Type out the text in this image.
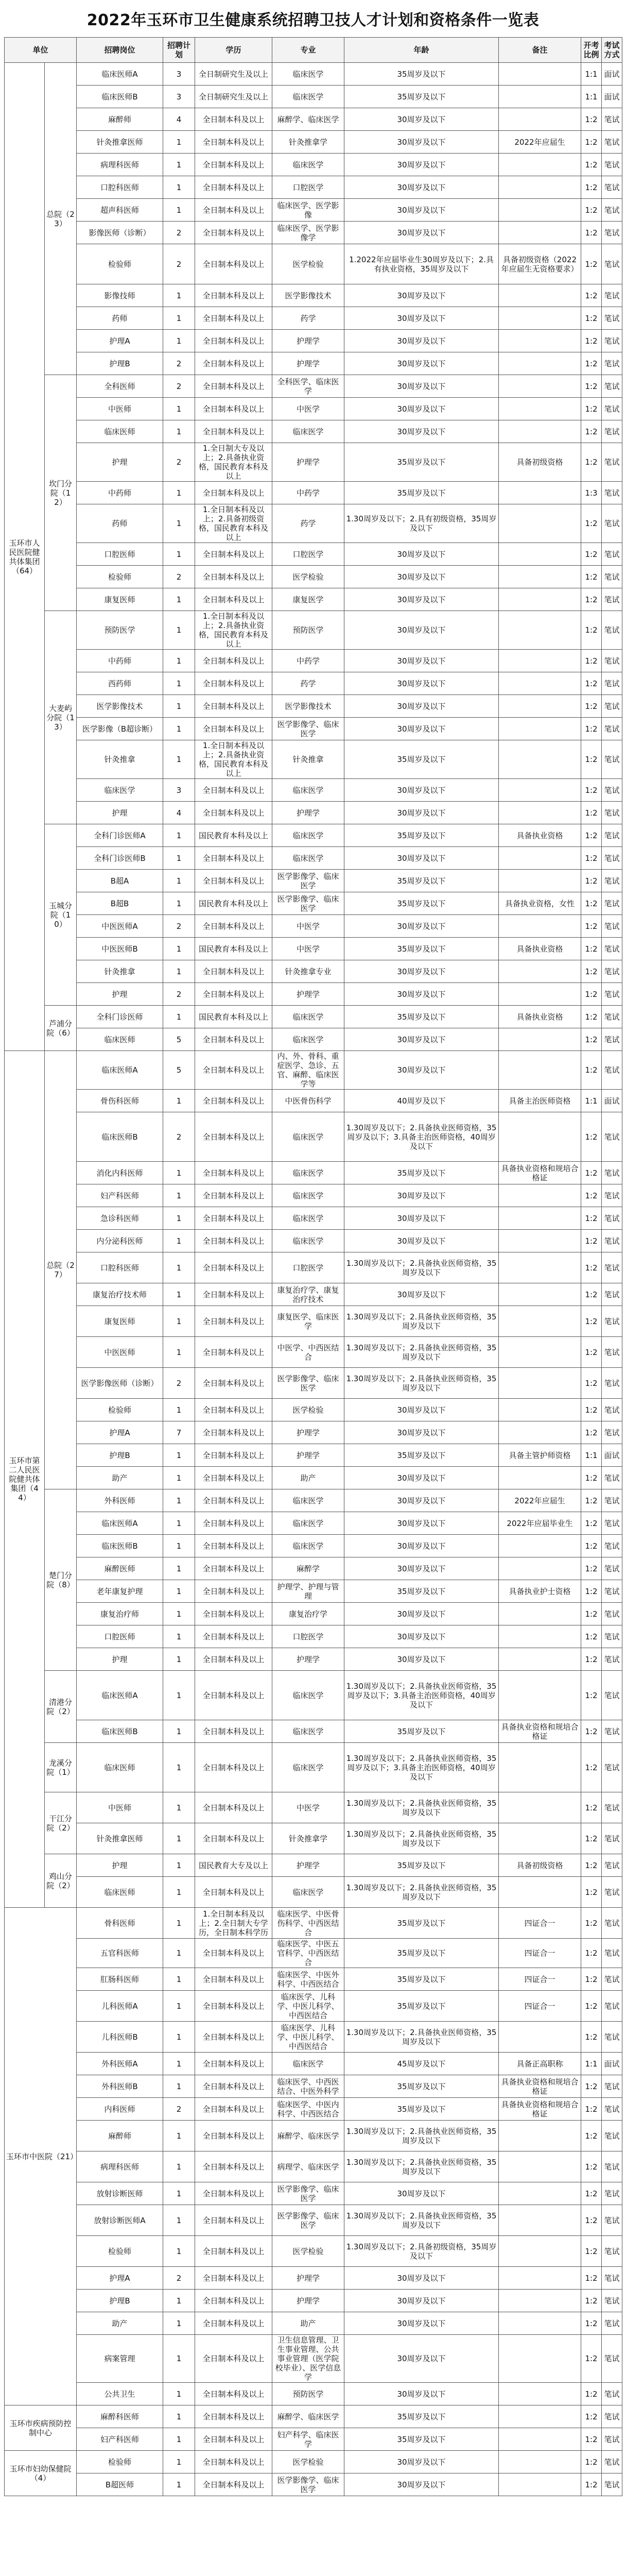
2022年玉环市卫生健康系统招聘卫技人才计划和资格条件一览表
单位		招聘岗位	招聘计划	学历	专业	年龄	备注	开考比例	考试方式
玉环市人民医院健共体集团（64）	总院（23）	临床医师A	3	全日制研究生及以上	临床医学	35周岁及以下		1:1	面试
		临床医师B	3	全日制研究生及以上	临床医学	35周岁及以下		1:1	面试
		麻醉师	4	全日制本科及以上	麻醉学、临床医学	30周岁及以下		1:2	笔试
		针灸推拿医师	1	全日制本科及以上	针灸推拿学	30周岁及以下	2022年应届生	1:2	笔试
		病理科医师	1	全日制本科及以上	临床医学	30周岁及以下		1:2	笔试
		口腔科医师	1	全日制本科及以上	口腔医学	30周岁及以下		1:2	笔试
		超声科医师	1	全日制本科及以上	临床医学、医学影像	30周岁及以下		1:2	笔试
		影像医师（诊断）	2	全日制本科及以上	临床医学、医学影像学	30周岁及以下		1:2	笔试
		检验师	2	全日制本科及以上	医学检验	1.2022年应届毕业生30周岁及以下；2.具有执业资格，35周岁及以下	具备初级资格（2022年应届生无资格要求）	1:2	笔试
		影像技师	1	全日制本科及以上	医学影像技术	30周岁及以下		1:2	笔试
		药师	1	全日制本科及以上	药学	30周岁及以下		1:2	笔试
		护理A	1	全日制本科及以上	护理学	30周岁及以下		1:2	笔试
		护理B	2	全日制本科及以上	护理学	30周岁及以下		1:2	笔试
	坎门分院（12）	全科医师	2	全日制本科及以上	全科医学、临床医学	30周岁及以下		1:2	笔试
		中医师	1	全日制本科及以上	中医学	30周岁及以下		1:2	笔试
		临床医师	1	全日制本科及以上	临床医学	30周岁及以下		1:2	笔试
		护理	2	1.全日制大专及以上；2.具备执业资格，国民教育本科及以上	护理学	35周岁及以下	具备初级资格	1:2	笔试
		中药师	1	全日制本科及以上	中药学	35周岁及以下		1:3	笔试
		药师	1	1.全日制本科及以上；2.具备初级资格，国民教育本科及以上	药学	1.30周岁及以下；2.具有初级资格，35周岁及以下		1:2	笔试
		口腔医师	1	全日制本科及以上	口腔医学	30周岁及以下		1:2	笔试
		检验师	2	全日制本科及以上	医学检验	30周岁及以下		1:2	笔试
		康复医师	1	全日制本科及以上	康复医学	30周岁及以下		1:2	笔试
	大麦屿分院（13）	预防医学	1	1.全日制本科及以上；2.具备执业资格，国民教育本科及以上	预防医学	30周岁及以下		1:2	笔试
		中药师	1	全日制本科及以上	中药学	30周岁及以下		1:2	笔试
		西药师	1	全日制本科及以上	药学	30周岁及以下		1:2	笔试
		医学影像技术	1	全日制本科及以上	医学影像技术	30周岁及以下		1:2	笔试
		医学影像（B超诊断）	1	全日制本科及以上	医学影像学、临床医学	30周岁及以下		1:2	笔试
		针灸推拿	1	1.全日制本科及以上；2.具备执业资格，国民教育本科及以上	针灸推拿	35周岁及以下		1:2	笔试
		临床医学	3	全日制本科及以上	临床医学	30周岁及以下		1:2	笔试
		护理	4	全日制本科及以上	护理学	30周岁及以下		1:2	笔试
	玉城分院（10）	全科门诊医师A	1	国民教育本科及以上	临床医学	35周岁及以下	具备执业资格	1:2	笔试
		全科门诊医师B	1	全日制本科及以上	临床医学	30周岁及以下		1:2	笔试
		B超A	1	全日制本科及以上	医学影像学、临床医学	35周岁及以下		1:2	笔试
		B超B	1	国民教育本科及以上	医学影像学、临床医学	35周岁及以下	具备执业资格，女性	1:2	笔试
		中医医师A	2	全日制本科及以上	中医学	30周岁及以下		1:2	笔试
		中医医师B	1	国民教育本科及以上	中医学	35周岁及以下	具备执业资格	1:2	笔试
		针灸推拿	1	全日制本科及以上	针灸推拿专业	30周岁及以下		1:2	笔试
		护理	2	全日制本科及以上	护理学	30周岁及以下		1:2	笔试
	芦浦分院（6）	全科门诊医师	1	国民教育本科及以上	临床医学	35周岁及以下	具备执业资格	1:2	笔试
		临床医师	5	全日制本科及以上	临床医学	30周岁及以下		1:2	笔试
玉环市第二人民医院健共体集团（44）	总院（27）	临床医师A	5	全日制本科及以上	内、外、骨科、重症医学、急诊、五官、麻醉、临床医学等	30周岁及以下		1:2	笔试
		骨伤科医师	1	全日制本科及以上	中医骨伤科学	40周岁及以下	具备主治医师资格	1:1	面试
		临床医师B	2	全日制本科及以上	临床医学	1.30周岁及以下；2.具备执业医师资格，35周岁及以下；3.具备主治医师资格，40周岁及以下		1:2	笔试
		消化内科医师	1	全日制本科及以上	临床医学	35周岁及以下	具备执业资格和规培合格证	1:2	笔试
		妇产科医师	1	全日制本科及以上	临床医学	30周岁及以下		1:2	笔试
		急诊科医师	1	全日制本科及以上	临床医学	30周岁及以下		1:2	笔试
		内分泌科医师	1	全日制本科及以上	临床医学	30周岁及以下		1:2	笔试
		口腔科医师	1	全日制本科及以上	口腔医学	1.30周岁及以下；2.具备执业医师资格，35周岁及以下		1:2	笔试
		康复治疗技术师	1	全日制本科及以上	康复治疗学、康复治疗技术	30周岁及以下		1:2	笔试
		康复医师	1	全日制本科及以上	康复医学、临床医学	1.30周岁及以下；2.具备执业医师资格，35周岁及以下		1:2	笔试
		中医医师	1	全日制本科及以上	中医学、中西医结合	1.30周岁及以下；2.具备执业医师资格，35周岁及以下		1:2	笔试
		医学影像医师（诊断）	2	全日制本科及以上	医学影像学、临床医学	1.30周岁及以下；2.具备执业医师资格，35周岁及以下		1:2	笔试
		检验师	1	全日制本科及以上	医学检验	30周岁及以下		1:2	笔试
		护理A	7	全日制本科及以上	护理学	30周岁及以下		1:2	笔试
		护理B	1	全日制本科及以上	护理学	35周岁及以下	具备主管护师资格	1:1	面试
		助产	1	全日制本科及以上	助产	30周岁及以下		1:2	笔试
	楚门分院（8）	外科医师	1	全日制本科及以上	临床医学	30周岁及以下	2022年应届生	1:2	笔试
		临床医师A	1	全日制本科及以上	临床医学	30周岁及以下	2022年应届毕业生	1:2	笔试
		临床医师B	1	全日制本科及以上	临床医学	30周岁及以下		1:2	笔试
		麻醉医师	1	全日制本科及以上	麻醉学	30周岁及以下		1:2	笔试
		老年康复护理	1	全日制本科及以上	护理学、护理与管理	35周岁及以下	具备执业护士资格	1:2	笔试
		康复治疗师	1	全日制本科及以上	康复治疗学	30周岁及以下		1:2	笔试
		口腔医师	1	全日制本科及以上	口腔医学	30周岁及以下		1:2	笔试
		护理	1	全日制本科及以上	护理学	30周岁及以下		1:2	笔试
	清港分院（2）	临床医师A	1	全日制本科及以上	临床医学	1.30周岁及以下；2.具备执业医师资格，35周岁及以下；3.具备主治医师资格，40周岁及以下		1:2	笔试
		临床医师B	1	全日制本科及以上	临床医学	35周岁及以下	具备执业资格和规培合格证	1:2	笔试
	龙溪分院（1）	临床医师	1	全日制本科及以上	临床医学	1.30周岁及以下；2.具备执业医师资格，35周岁及以下；3.具备主治医师资格，40周岁及以下		1:2	笔试
	干江分院（2）	中医师	1	全日制本科及以上	中医学	1.30周岁及以下；2.具备执业医师资格，35周岁及以下		1:2	笔试
		针灸推拿医师	1	全日制本科及以上	针灸推拿学	1.30周岁及以下；2.具备执业医师资格，35周岁及以下		1:2	笔试
	鸡山分院（2）	护理	1	国民教育大专及以上	护理学	35周岁及以下	具备初级资格	1:2	笔试
		临床医师	1	全日制本科及以上	临床医学	1.30周岁及以下；2.具备执业医师资格，35周岁及以下		1:2	笔试
玉环市中医院（21）		骨科医师	1	1.全日制本科及以上；2.全日制大专学历，全日制本科学历	临床医学、中医骨伤科学、中西医结合	35周岁及以下	四证合一	1:2	笔试
		五官科医师	1	全日制本科及以上	临床医学、中医五官科学、中西医结合	35周岁及以下	四证合一	1:2	笔试
		肛肠科医师	1	全日制本科及以上	临床医学、中医外科学、中西医结合	35周岁及以下	四证合一	1:2	笔试
		儿科医师A	1	全日制本科及以上	临床医学、儿科学、中医儿科学、中西医结合	35周岁及以下	四证合一	1:2	笔试
		儿科医师B	1	全日制本科及以上	临床医学、儿科学、中医儿科学、中西医结合	1.30周岁及以下；2.具备执业医师资格，35周岁及以下		1:2	笔试
		外科医师A	1	全日制本科及以上	临床医学	45周岁及以下	具备正高职称	1:1	面试
		外科医师B	1	全日制本科及以上	临床医学、中西医结合、中医外科学	35周岁及以下	具备执业资格和规培合格证	1:2	笔试
		内科医师	2	全日制本科及以上	临床医学、中医内科学、中西医结合	35周岁及以下	具备执业资格和规培合格证	1:2	笔试
		麻醉师	1	全日制本科及以上	麻醉学、临床医学	1.30周岁及以下；2.具备执业医师资格，35周岁及以下		1:2	笔试
		病理科医师	1	全日制本科及以上	病理学、临床医学	1.30周岁及以下；2.具备执业医师资格，35周岁及以下		1:2	笔试
		放射诊断医师	1	全日制本科及以上	医学影像学、临床医学	30周岁及以下		1:2	笔试
		放射诊断医师A	1	全日制本科及以上	医学影像学、临床医学	1.30周岁及以下；2.具备执业医师资格，35周岁及以下		1:2	笔试
		检验师	1	全日制本科及以上	医学检验	1.30周岁及以下；2.具备初级资格，35周岁及以下		1:2	笔试
		护理A	2	全日制本科及以上	护理学	30周岁及以下		1:2	笔试
		护理B	1	全日制本科及以上	护理学	30周岁及以下		1:2	笔试
		助产	1	全日制本科及以上	助产	30周岁及以下		1:2	笔试
		病案管理	1	全日制本科及以上	卫生信息管理、卫生事业管理、公共事业管理（医学院校毕业）、医学信息学	30周岁及以下		1:2	笔试
		公共卫生	1	全日制本科及以上	预防医学	30周岁及以下		1:2	笔试
玉环市疾病预防控制中心		麻醉科医师	1	全日制本科及以上	麻醉学、临床医学	35周岁及以下		1:2	笔试
		妇产科医师	1	全日制本科及以上	妇产科学、临床医学	35周岁及以下		1:2	笔试
玉环市妇幼保健院（4）		检验师	1	全日制本科及以上	医学检验	30周岁及以下		1:2	笔试
		B超医师	1	全日制本科及以上	医学影像学、临床医学	30周岁及以下		1:2	笔试
